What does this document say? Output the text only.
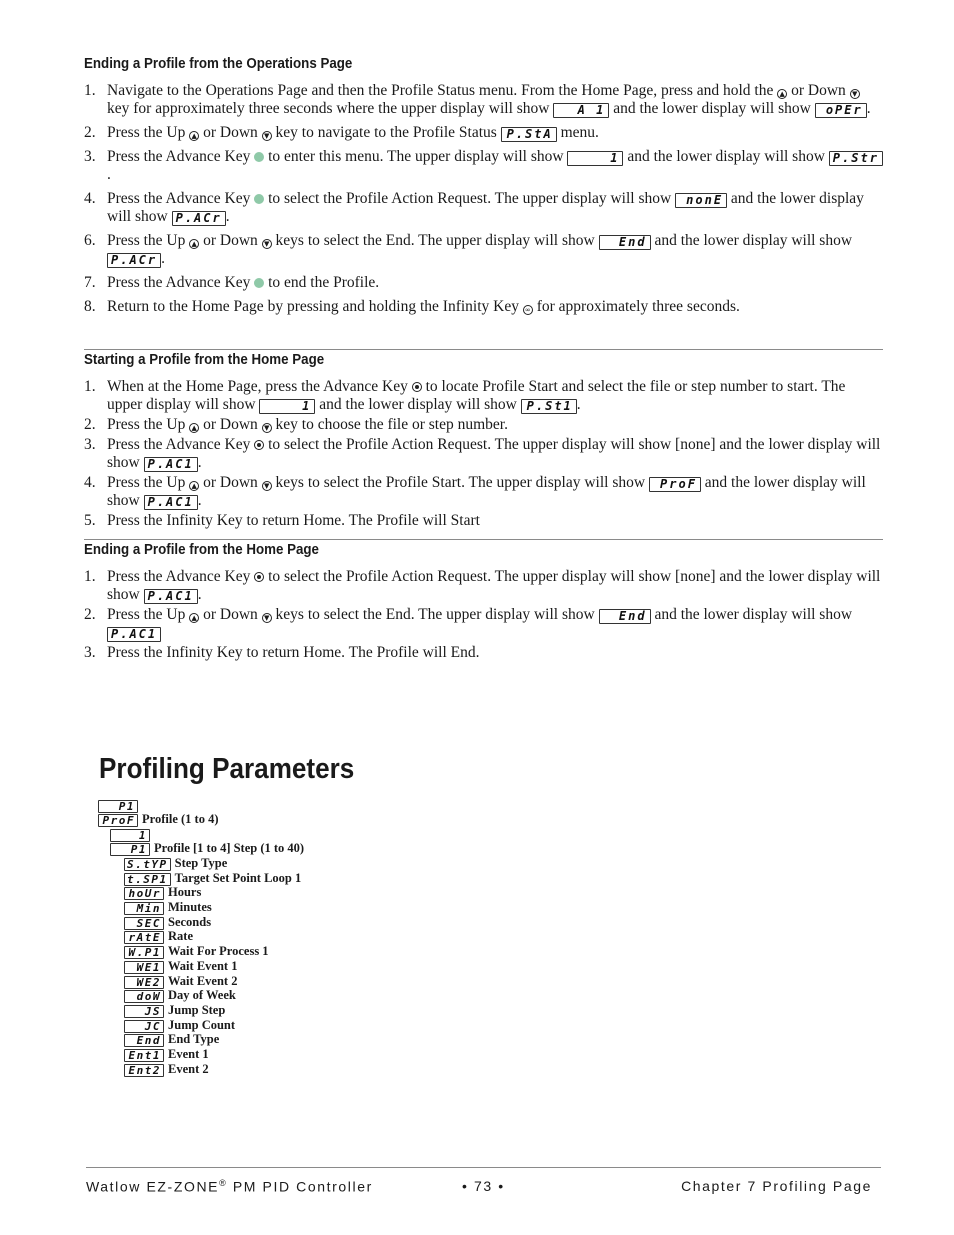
Ending a Profile from the Operations Page
1. Navigate to the Operations Page and then the Profile Status menu. From the Home Page, press and hold the ▲ or Down ▼ key for approximately three seconds where the upper display will show A 1 and the lower display will show oPEr .
2. Press the Up ▲ or Down ▼ key to navigate to the Profile Status P.StA menu.
3. Press the Advance Key  to enter this menu. The upper display will show	1 and the lower display will show P.Str.
4. Press the Advance Key  to select the Profile Action Request. The upper display will show nonE and the lower display will show P.ACr .
6. Press the Up ▲ or Down ▼ keys to select the End. The upper display will show End and the lower display will show P.ACr .
7. Press the Advance Key  to end the Profile.
8. Return to the Home Page by pressing and holding the Infinity Key ∞ for approximately three seconds.
Starting a Profile from the Home Page
1. When at the Home Page, press the Advance Key  to locate Profile Start and select the file or step number to start. The upper display will show	1 and the lower display will show P.St1 .
2. Press the Up ▲ or Down ▼ key to choose the file or step number.
3. Press the Advance Key  to select the Profile Action Request. The upper display will show [none] and the lower display will show P.AC1 .
4. Press the Up ▲ or Down ▼ keys to select the Profile Start. The upper display will show ProF and the lower display will show P.AC1 .
5. Press the Infinity Key to return Home. The Profile will Start
Ending a Profile from the Home Page
1. Press the Advance Key  to select the Profile Action Request. The upper display will show [none] and the lower display will show P.AC1 .
2. Press the Up ▲ or Down ▼ keys to select the End. The upper display will show End and the lower display will show P.AC1
3. Press the Infinity Key to return Home. The Profile will End.
Profiling Parameters
P1
ProF Profile (1 to 4)
1
P1 Profile [1 to 4] Step (1 to 40)
S.tYP Step Type
t.SP1 Target Set Point Loop 1
hoUr Hours
Min Minutes
SEC Seconds
rAtE Rate
W.P1 Wait For Process 1
WE1 Wait Event 1
WE2 Wait Event 2
doW Day of Week
JS Jump Step
JC Jump Count
End End Type
Ent1 Event 1
Ent2 Event 2
Watlow EZ-ZONE® PM PID Controller	• 73 •	Chapter 7 Profiling Page
